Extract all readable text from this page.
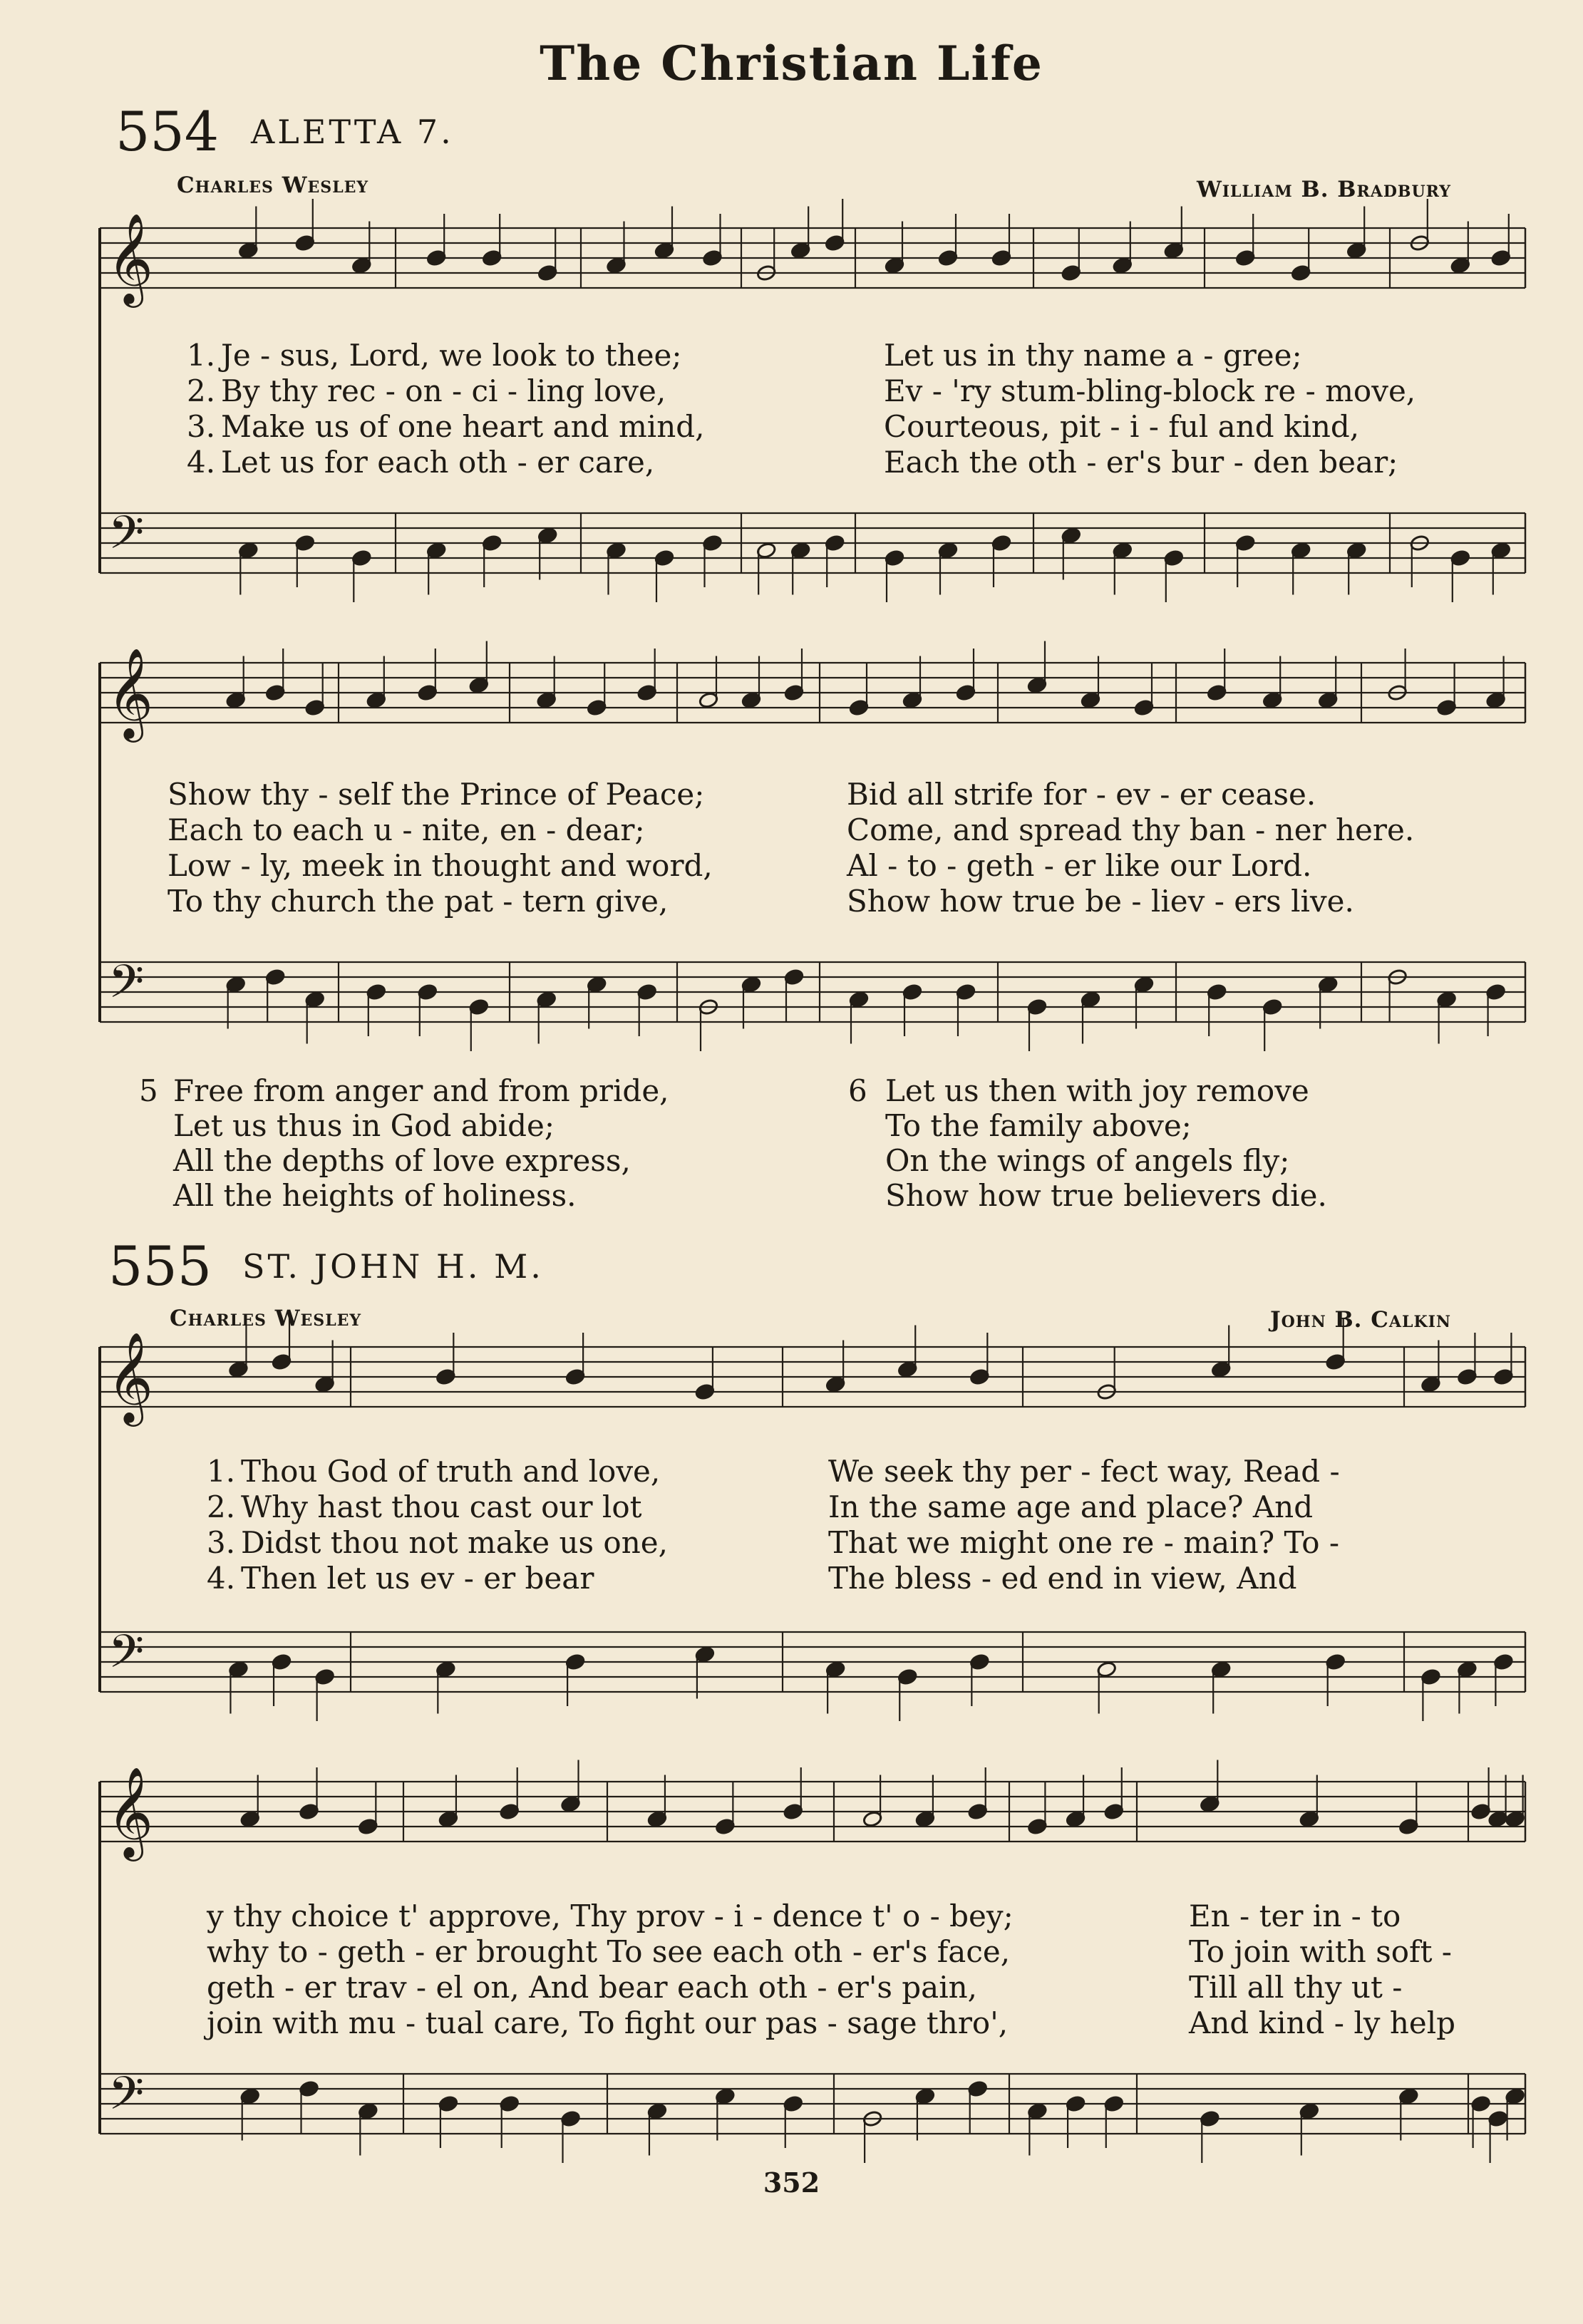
𝄞
𝄢
𝄞
𝄢
𝄞
𝄢
𝄞
𝄢
The Christian Life
554 ALETTA 7.
Charles Wesley	William B. Bradbury
1. Je - sus, Lord, we look to thee;	Let us in thy name a - gree;
2. By thy rec - on - ci - ling love,	Ev - 'ry stum-bling-block re - move,
3. Make us of one heart and mind,	Courteous, pit - i - ful and kind,
4. Let us for each oth - er care,	Each the oth - er's bur - den bear;
Show thy - self the Prince of Peace;	Bid all strife for - ev - er cease.
Each to each u - nite, en - dear;	Come, and spread thy ban - ner here.
Low - ly, meek in thought and word,	Al - to - geth - er like our Lord.
To thy church the pat - tern give,	Show how true be - liev - ers live.
5 Free from anger and from pride,
Let us thus in God abide;
All the depths of love express,
All the heights of holiness.
6 Let us then with joy remove
To the family above;
On the wings of angels fly;
Show how true believers die.
555 ST. JOHN H. M.
Charles Wesley	John B. Calkin
1. Thou God of truth and love,	We seek thy per - fect way, Read -
2. Why hast thou cast our lot	In the same age and place? And
3. Didst thou not make us one,	That we might one re - main? To -
4. Then let us ev - er bear	The bless - ed end in view, And
y thy choice t' approve, Thy prov - i - dence t' o - bey;	En - ter in - to
why to - geth - er brought To see each oth - er's face,	To join with soft -
geth - er trav - el on, And bear each oth - er's pain,	Till all thy ut -
join with mu - tual care, To fight our pas - sage thro',	And kind - ly help
352
